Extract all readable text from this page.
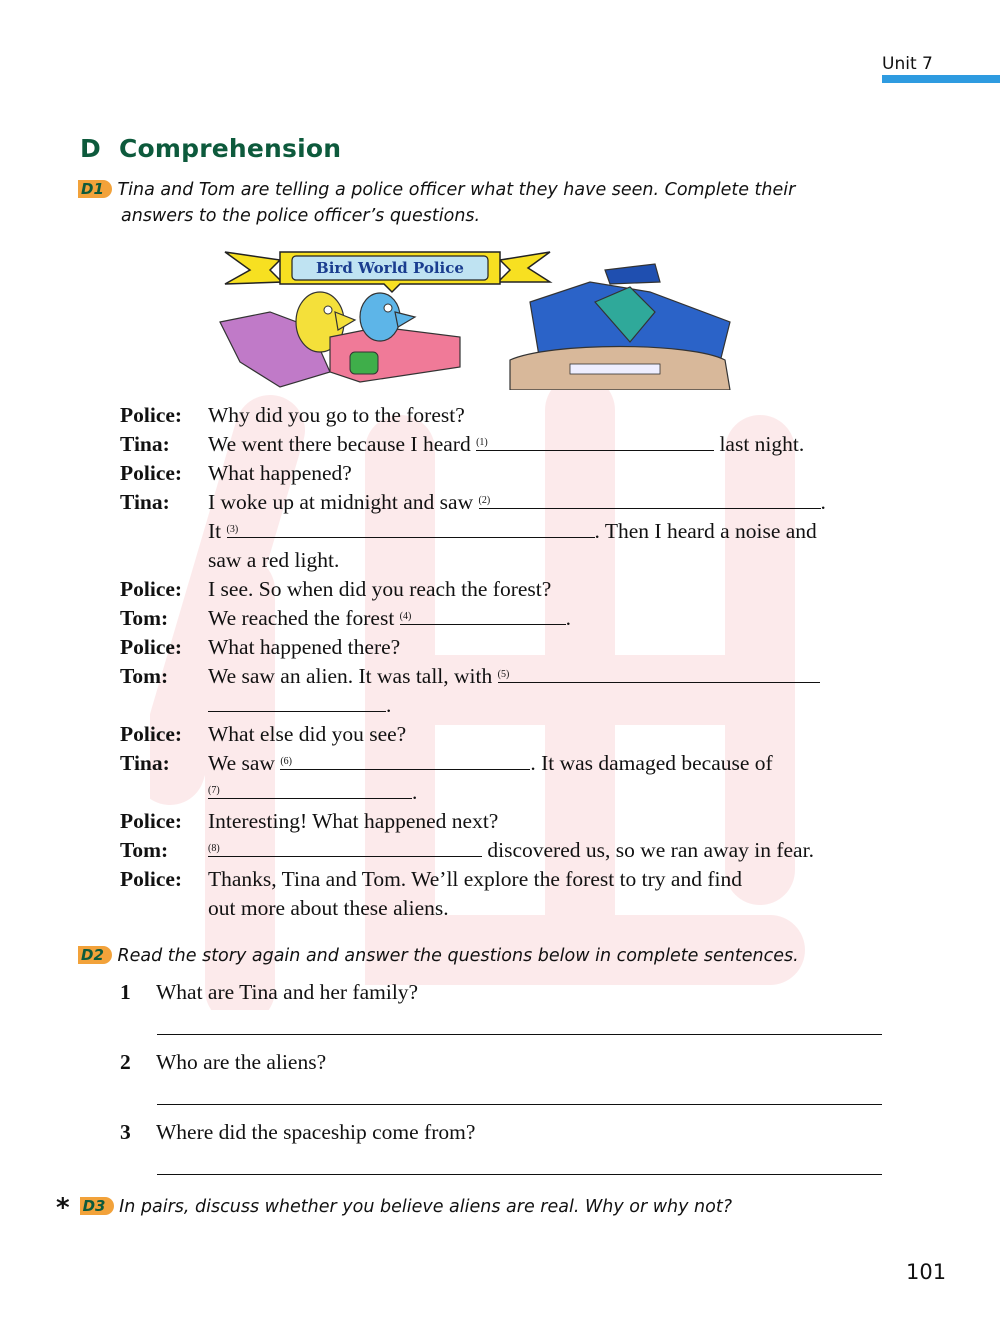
Unit 7
D Comprehension
D1 Tina and Tom are telling a police officer what they have seen. Complete their
answers to the police officer’s questions.
Bird World Police
Police:	Why did you go to the forest?
Tina:	We went there because I heard $^{(1)}$	last night.
Police:	What happened?
Tina:	I woke up at midnight and saw $^{(2)}$	.
It $^{(3)}$	. Then I heard a noise and
saw a red light.
Police:	I see. So when did you reach the forest?
Tom:	We reached the forest $^{(4)}$	.
Police:	What happened there?
Tom:	We saw an alien. It was tall, with $^{(5)}$
.
Police:	What else did you see?
Tina:	We saw $^{(6)}$	. It was damaged because of
$^{(7)}$	.
Police:	Interesting! What happened next?
Tom:	$^{(8)}$	discovered us, so we ran away in fear.
Police:	Thanks, Tina and Tom. We’ll explore the forest to try and find
out more about these aliens.
D2 Read the story again and answer the questions below in complete sentences.
1	What are Tina and her family?
2	Who are the aliens?
3	Where did the spaceship come from?
* D3 In pairs, discuss whether you believe aliens are real. Why or why not?
101
